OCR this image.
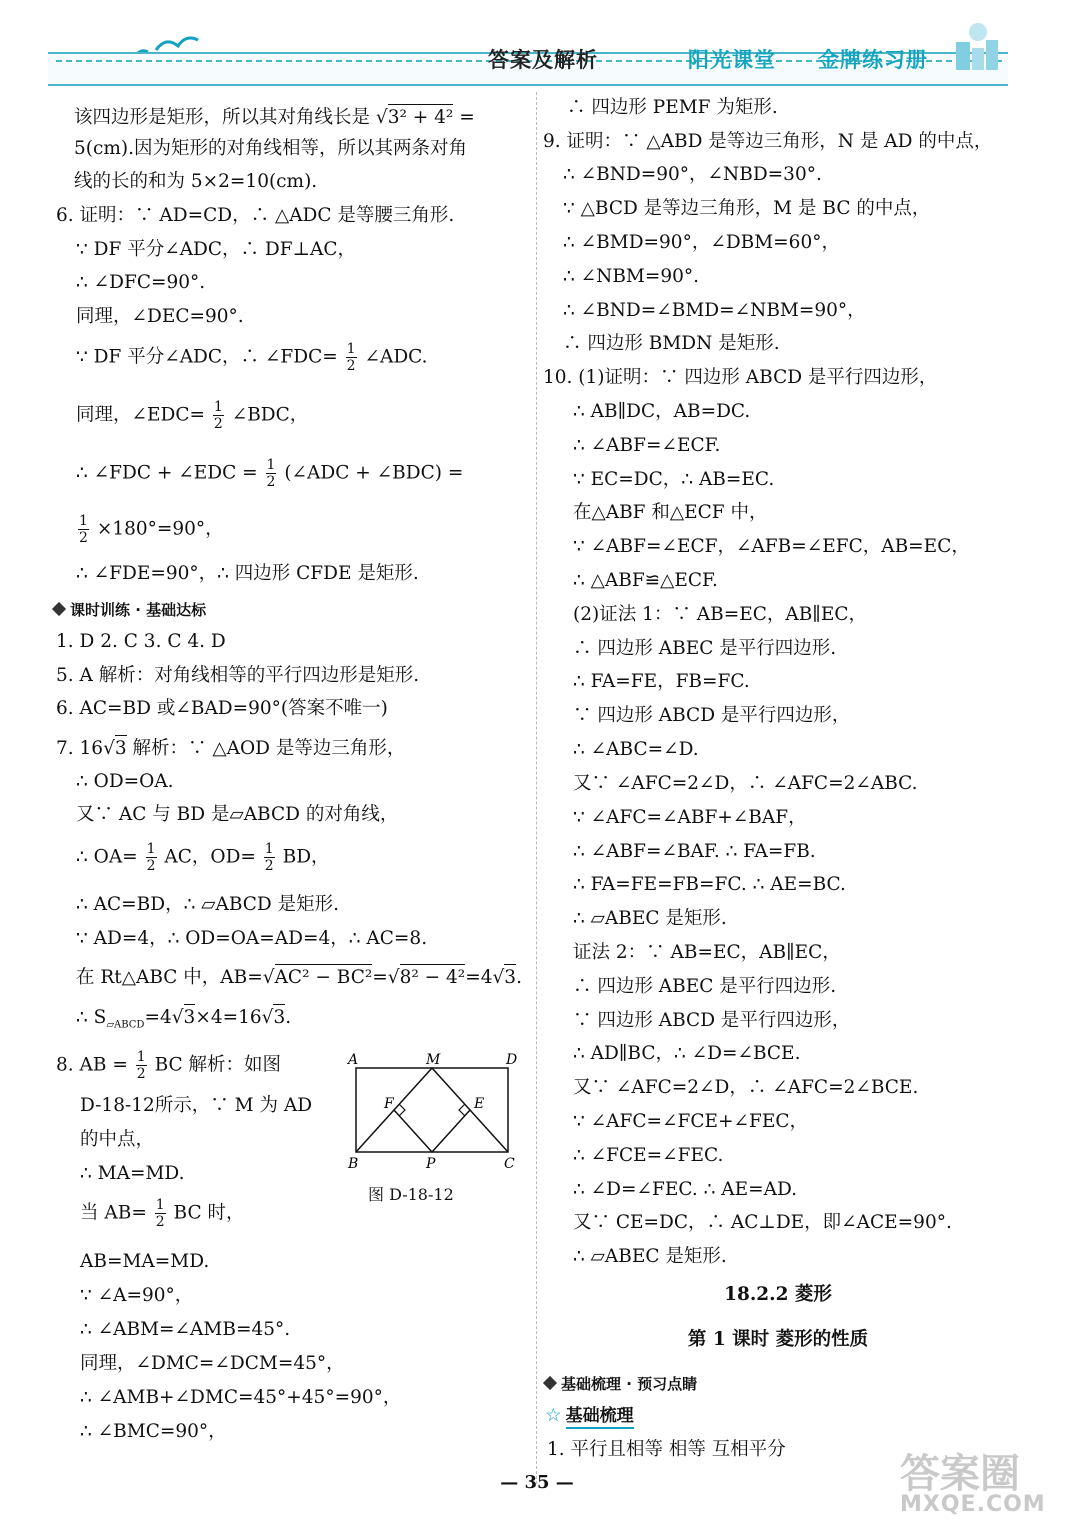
答案及解析	阳光课堂 金牌练习册
该四边形是矩形，所以其对角线长是 √3² + 4² =
5(cm).因为矩形的对角线相等，所以其两条对角
线的长的和为 5×2=10(cm).
6. 证明：∵ AD=CD，∴ △ADC 是等腰三角形.
∵ DF 平分∠ADC，∴ DF⊥AC，
∴ ∠DFC=90°.
同理，∠DEC=90°.
∵ DF 平分∠ADC，∴ ∠FDC= $\frac{1}{2}$ ∠ADC.
同理，∠EDC= $\frac{1}{2}$ ∠BDC，
∴ ∠FDC + ∠EDC = $\frac{1}{2}$ (∠ADC + ∠BDC) =
$\frac{1}{2} \times 180^\circ=90^\circ$，
∴ ∠FDE=90°，∴ 四边形 CFDE 是矩形.
课时训练 · 基础达标
1. D 2. C 3. C 4. D
5. A 解析：对角线相等的平行四边形是矩形.
6. AC=BD 或∠BAD=90°(答案不唯一)
7. 16√3 解析：∵ △AOD 是等边三角形，
∴ OD=OA.
又∵ AC 与 BD 是▱ABCD 的对角线，
∴ $OA= \frac{1}{2}$ AC，$OD= \frac{1}{2}$ BD，
∴ AC=BD，∴ ▱ABCD 是矩形.
∵ AD=4，∴ OD=OA=AD=4，∴ AC=8.
在 Rt△ABC 中，AB=√AC² − BC²=√8² − 4²=4√3.
∴ $S_{▱ABCD}=4√3\times 4=16√3$.
8. AB = $\frac{1}{2}$ BC 解析：如图
D-18-12所示，∵ M 为 AD
的中点，
∴ MA=MD.
当 $AB= \frac{1}{2}$ BC 时，
AB=MA=MD.
∵ ∠A=90°，
∴ ∠ABM=∠AMB=45°.
同理，∠DMC=∠DCM=45°，
∴ ∠AMB+∠DMC=45°+45°=90°，
∴ ∠BMC=90°，
A	M	D
F	E
B	P	C
图 D-18-12
∴ 四边形 PEMF 为矩形.
9. 证明：∵ △ABD 是等边三角形，N 是 AD 的中点，
∴ ∠BND=90°，∠NBD=30°.
∵ △BCD 是等边三角形，M 是 BC 的中点，
∴ ∠BMD=90°，∠DBM=60°，
∴ ∠NBM=90°.
∴ ∠BND=∠BMD=∠NBM=90°，
∴ 四边形 BMDN 是矩形.
10. (1)证明：∵ 四边形 ABCD 是平行四边形，
∴ AB∥DC，AB=DC.
∴ ∠ABF=∠ECF.
∵ EC=DC，∴ AB=EC.
在△ABF 和△ECF 中，
∵ ∠ABF=∠ECF，∠AFB=∠EFC，AB=EC，
∴ △ABF≌△ECF.
(2)证法 1：∵ AB=EC，AB∥EC，
∴ 四边形 ABEC 是平行四边形.
∴ FA=FE，FB=FC.
∵ 四边形 ABCD 是平行四边形，
∴ ∠ABC=∠D.
又∵ ∠AFC=2∠D，∴ ∠AFC=2∠ABC.
∵ ∠AFC=∠ABF+∠BAF，
∴ ∠ABF=∠BAF. ∴ FA=FB.
∴ FA=FE=FB=FC. ∴ AE=BC.
∴ ▱ABEC 是矩形.
证法 2：∵ AB=EC，AB∥EC，
∴ 四边形 ABEC 是平行四边形.
∵ 四边形 ABCD 是平行四边形，
∴ AD∥BC，∴ ∠D=∠BCE.
又∵ ∠AFC=2∠D，∴ ∠AFC=2∠BCE.
∵ ∠AFC=∠FCE+∠FEC，
∴ ∠FCE=∠FEC.
∴ ∠D=∠FEC. ∴ AE=AD.
又∵ CE=DC，∴ AC⊥DE，即∠ACE=90°.
∴ ▱ABEC 是矩形.
18.2.2 菱形
第 1 课时 菱形的性质
基础梳理 · 预习点睛
☆ 基础梳理
1. 平行且相等 相等 互相平分
— 35 —	答案圈
MXQE.COM
